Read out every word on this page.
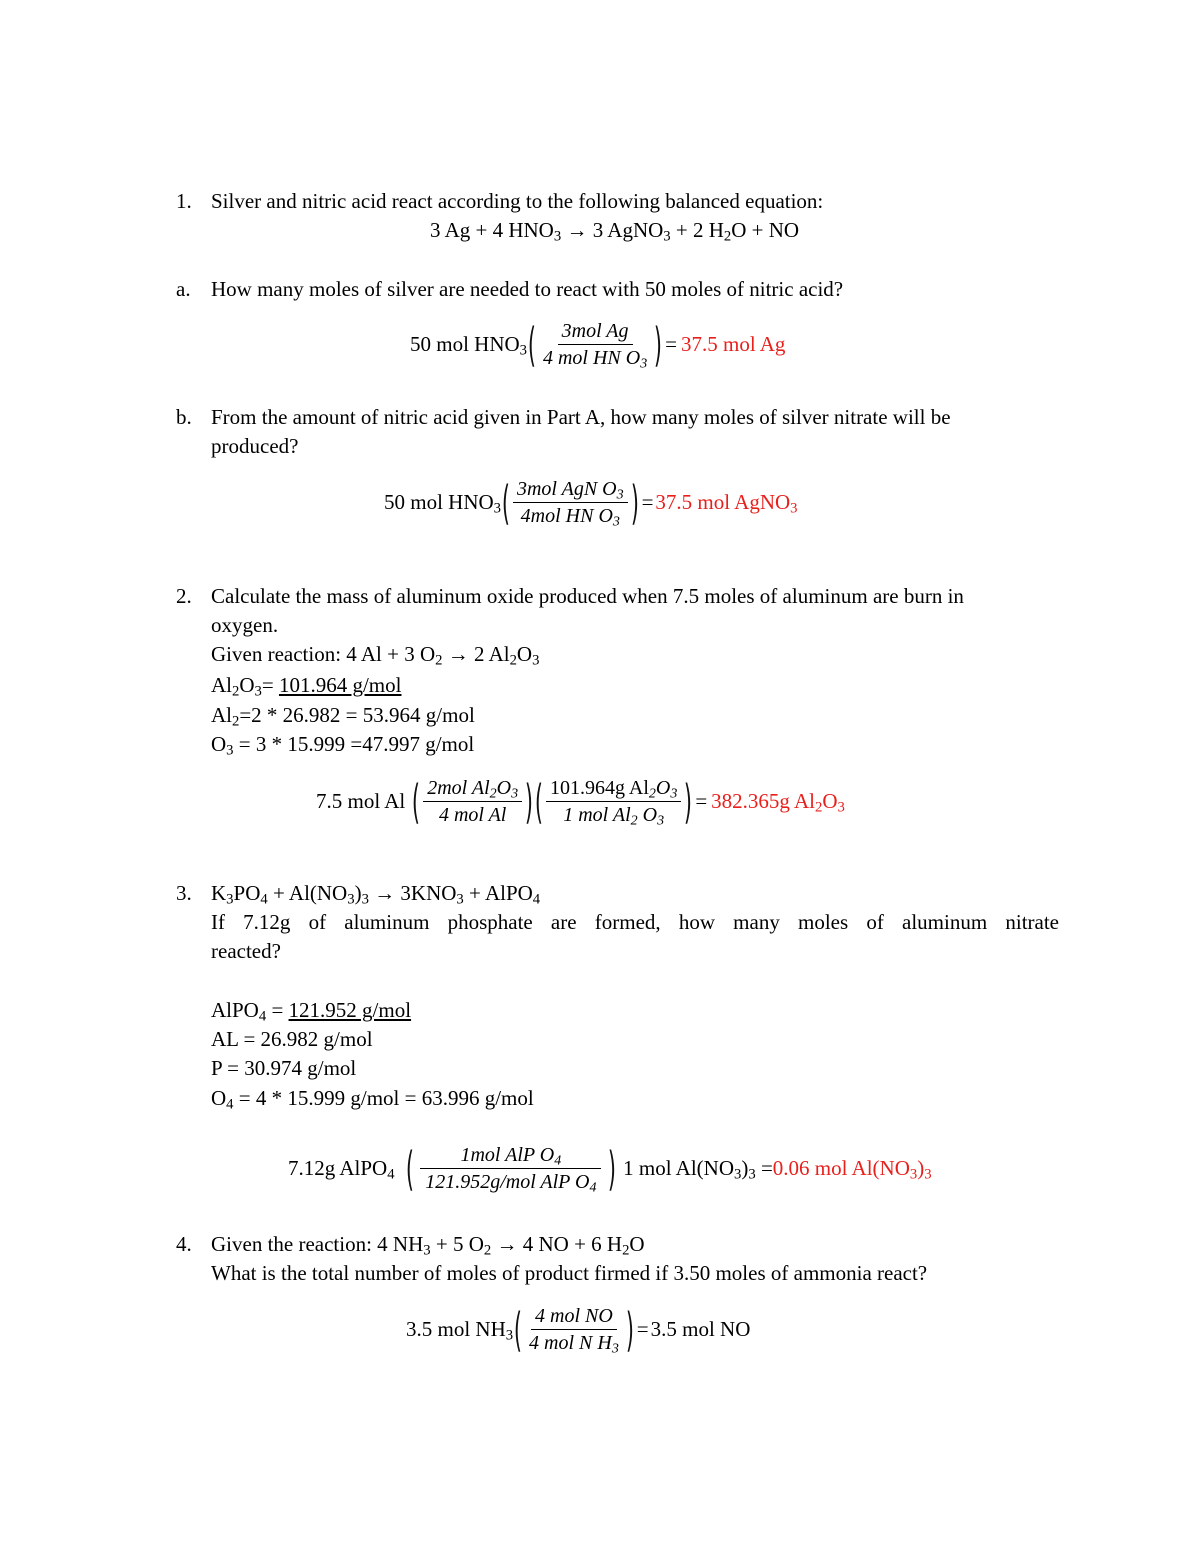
1. Silver and nitric acid react according to the following balanced equation:
3 Ag + 4 $HNO_3 \to 3$ AgNO$_3$ + 2 $H_2O$ + NO
a. How many moles of silver are needed to react with 50 moles of nitric acid?
50 mol $HNO_3$ ( $\frac{\text{3mol Ag}}{4 mol HN O_3}$ ) = 37.5 mol Ag
b. From the amount of nitric acid given in Part A, how many moles of silver nitrate will be
produced?
50 mol $HNO_3$ ( $\frac{3mol AgN O_3}{4mol HN O_3}$ ) = 37.5 mol AgNO$_3$
2. Calculate the mass of aluminum oxide produced when 7.5 moles of aluminum are burn in
oxygen.
Given reaction: 4 Al + 3 $O_2 \to 2$ $Al_2O_3$
$Al_2O_3= 101.964$ g/mol
$Al_2=2 * 26.982 = 53.964$ g/mol
$O_3 = 3 * 15.999 =47.997$ g/mol
7.5 mol Al ( $\frac{2mol Al_2O_3}{\text{4 mol Al}}$ ) ( $\frac{101.964g Al_2O_3}{1 mol Al_2 O_3}$ ) = 382.365g $Al_2O_3$
3. $K_3PO_4 + Al(NO_3)_3 \to 3KNO_3$ + AlPO$_4$
If 7.12g of aluminum phosphate are formed, how many moles of aluminum nitrate
reacted?
AlPO$_4$ = 121.952 g/mol
AL = 26.982 g/mol
P = 30.974 g/mol
$O_4 = 4 * 15.999$ g/mol = 63.996 g/mol
7.12g AlPO$_4$ ( $\frac{1mol AlP O_4}{121.952g/mol AlP O_4}$ ) 1 mol $Al(NO_3)_3 = 0.06$ mol $Al(NO_3)_3$
4. Given the reaction: 4 $NH_3 + 5$ $O_2 \to 4$ NO + 6 $H_2O$
What is the total number of moles of product firmed if 3.50 moles of ammonia react?
3.5 mol $NH_3$ ( $\frac{\text{4 mol NO}}{4 mol N H_3}$ ) = 3.5 mol NO
